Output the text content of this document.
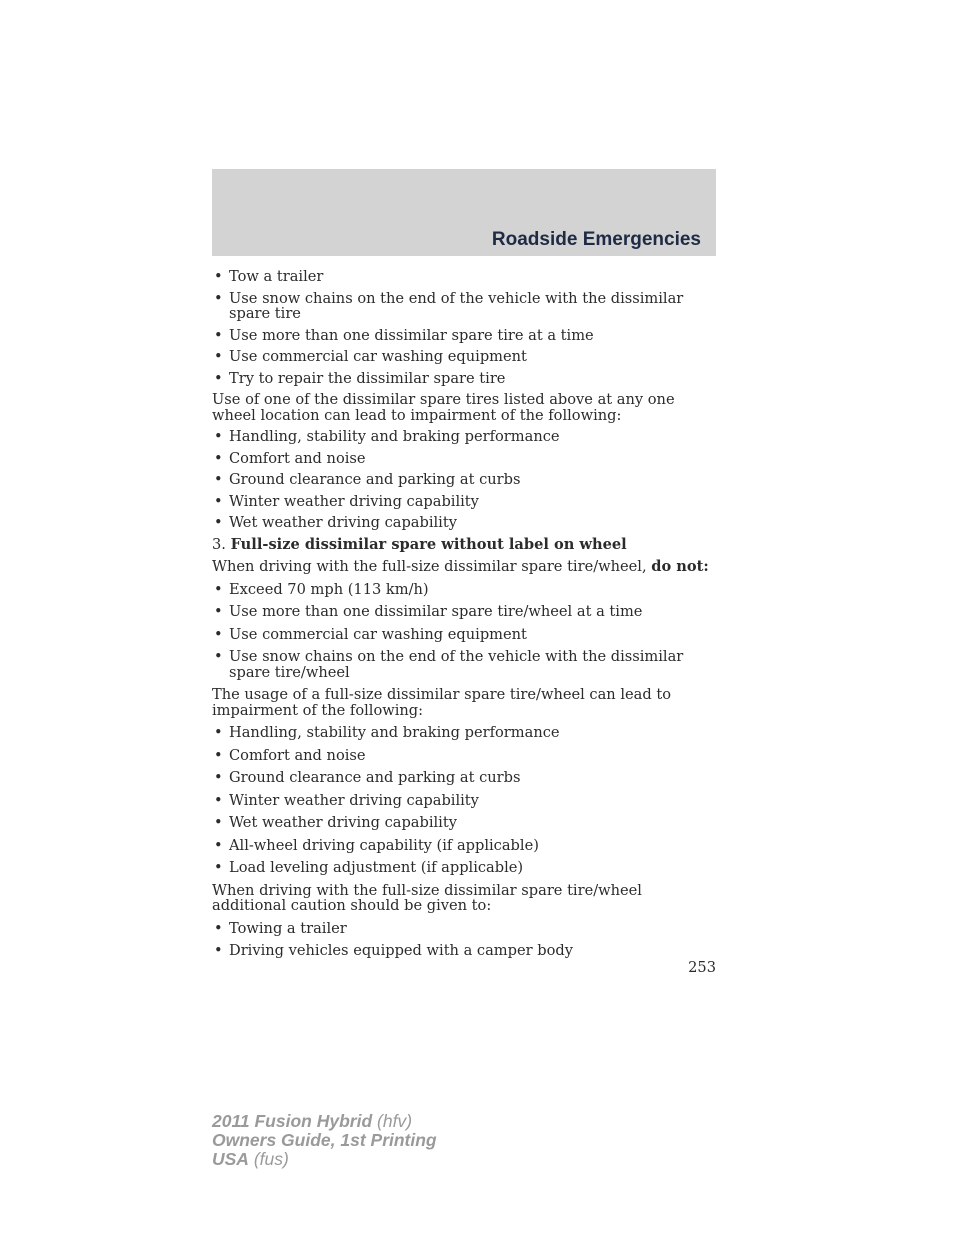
Roadside Emergencies

• Tow a trailer

• Use snow chains on the end of the vehicle with the dissimilar spare tire

• Use more than one dissimilar spare tire at a time

• Use commercial car washing equipment

• Try to repair the dissimilar spare tire

Use of one of the dissimilar spare tires listed above at any one wheel location can lead to impairment of the following:

• Handling, stability and braking performance

• Comfort and noise

• Ground clearance and parking at curbs

• Winter weather driving capability

• Wet weather driving capability

3. Full-size dissimilar spare without label on wheel

When driving with the full-size dissimilar spare tire/wheel, do not:

• Exceed 70 mph (113 km/h)

• Use more than one dissimilar spare tire/wheel at a time

• Use commercial car washing equipment

• Use snow chains on the end of the vehicle with the dissimilar spare tire/wheel

The usage of a full-size dissimilar spare tire/wheel can lead to impairment of the following:

• Handling, stability and braking performance

• Comfort and noise

• Ground clearance and parking at curbs

• Winter weather driving capability

• Wet weather driving capability

• All-wheel driving capability (if applicable)

• Load leveling adjustment (if applicable)

When driving with the full-size dissimilar spare tire/wheel additional caution should be given to:

• Towing a trailer

• Driving vehicles equipped with a camper body

253

2011 Fusion Hybrid (hfv)
Owners Guide, 1st Printing
USA (fus)
